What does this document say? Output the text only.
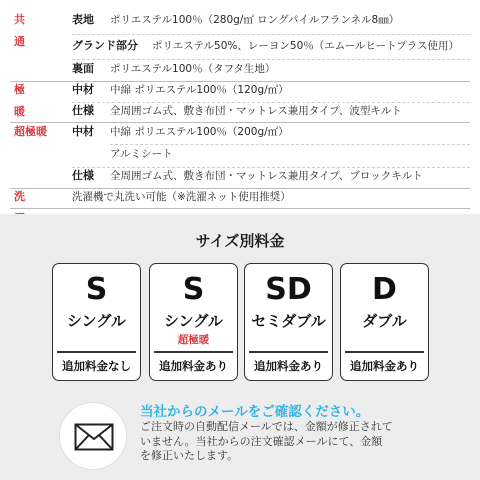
共　通
表地 ポリエステル100％（280g/㎡ ロングパイルフランネル8㎜）
グランド部分 ポリエステル50%、レーヨン50％（エムールヒートプラス使用）
裏面 ポリエステル100％（タフタ生地）
極　暖
中材 中綿 ポリエステル100％（120g/㎡）
仕様 全周囲ゴム式、敷き布団・マットレス兼用タイプ、波型キルト
超極暖	中材 中綿 ポリエステル100％（200g/㎡）
アルミシート
仕様 全周囲ゴム式、敷き布団・マットレス兼用タイプ、ブロックキルト
洗　	洗濯機で丸洗い可能（※洗濯ネット使用推奨）
サイズ別料金
S
シングル
追加料金なし
S
シングル
超極暖
追加料金あり
SD
セミダブル
追加料金あり
D
ダブル
追加料金あり
当社からのメールをご確認ください。
ご注文時の自動配信メールでは、金額が修正されて
いません。当社からの注文確認メールにて、金額
を修正いたします。
